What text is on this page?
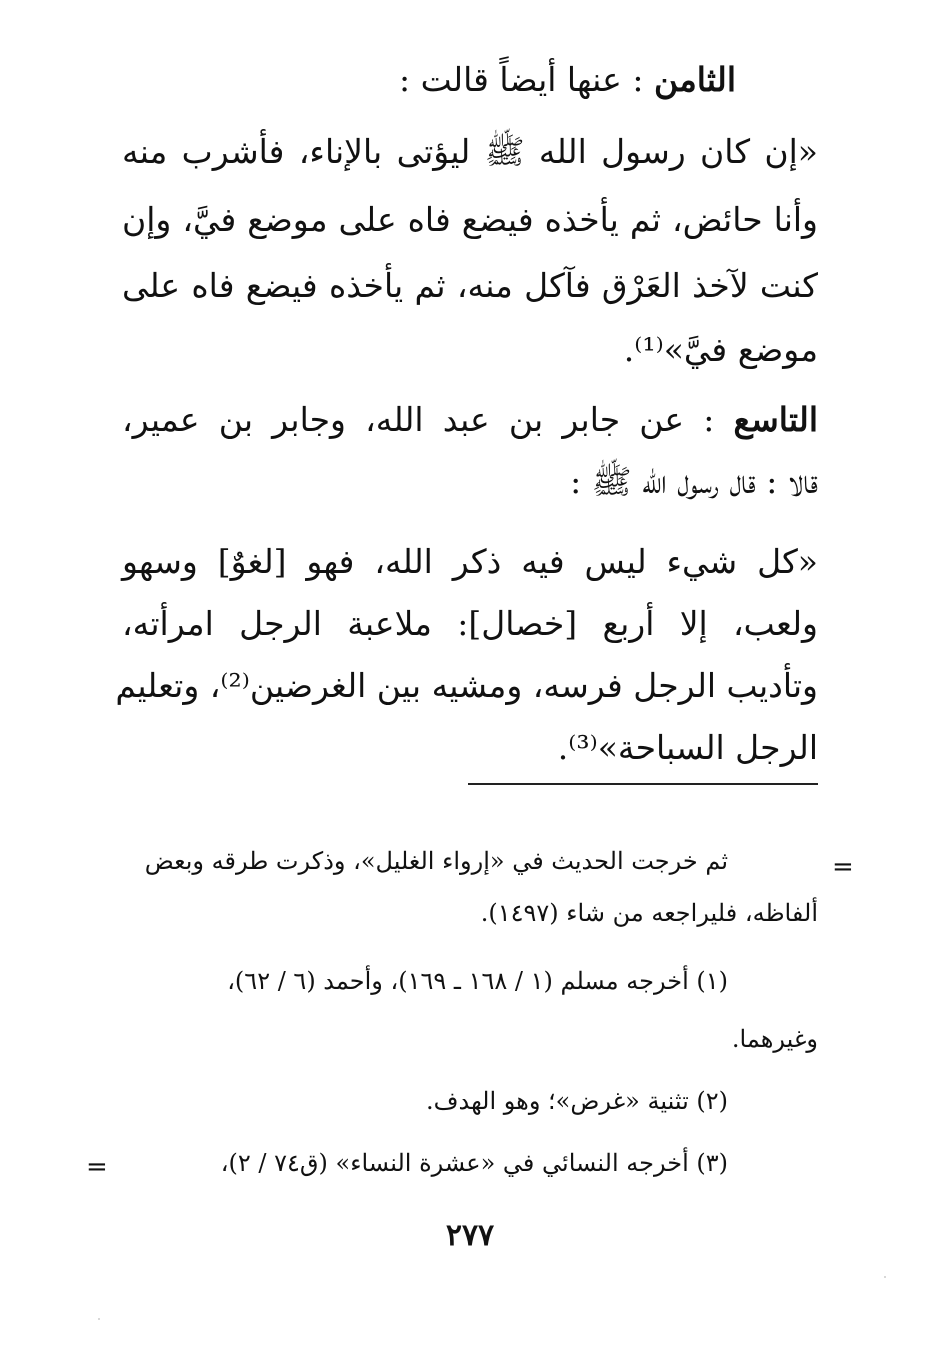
الثامن : عنها أيضاً قالت :
«إن كان رسول الله ﷺ ليؤتى بالإناء، فأشرب منه
وأنا حائض، ثم يأخذه فيضع فاه على موضع فيَّ، وإن
كنت لآخذ العَرْق فآكل منه، ثم يأخذه فيضع فاه على
موضع فيَّ»⁽¹⁾.
التاسع : عن جابر بن عبد الله، وجابر بن عمير،
قالا : قال رسول الله ﷺ :
«كل شيء ليس فيه ذكر الله، فهو [لغوٌ] وسهو
ولعب، إلا أربع [خصال]: ملاعبة الرجل امرأته،
وتأديب الرجل فرسه، ومشيه بين الغرضين⁽²⁾، وتعليم
الرجل السباحة»⁽³⁾.
=
ثم خرجت الحديث في «إرواء الغليل»، وذكرت طرقه وبعض
ألفاظه، فليراجعه من شاء (١٤٩٧).
(١) أخرجه مسلم (١ / ١٦٨ ـ ١٦٩)، وأحمد (٦ / ٦٢)،
وغيرهما.
(٢) تثنية «غرض»؛ وهو الهدف.
(٣) أخرجه النسائي في «عشرة النساء» (ق٧٤ / ٢)،
=
٢٧٧
